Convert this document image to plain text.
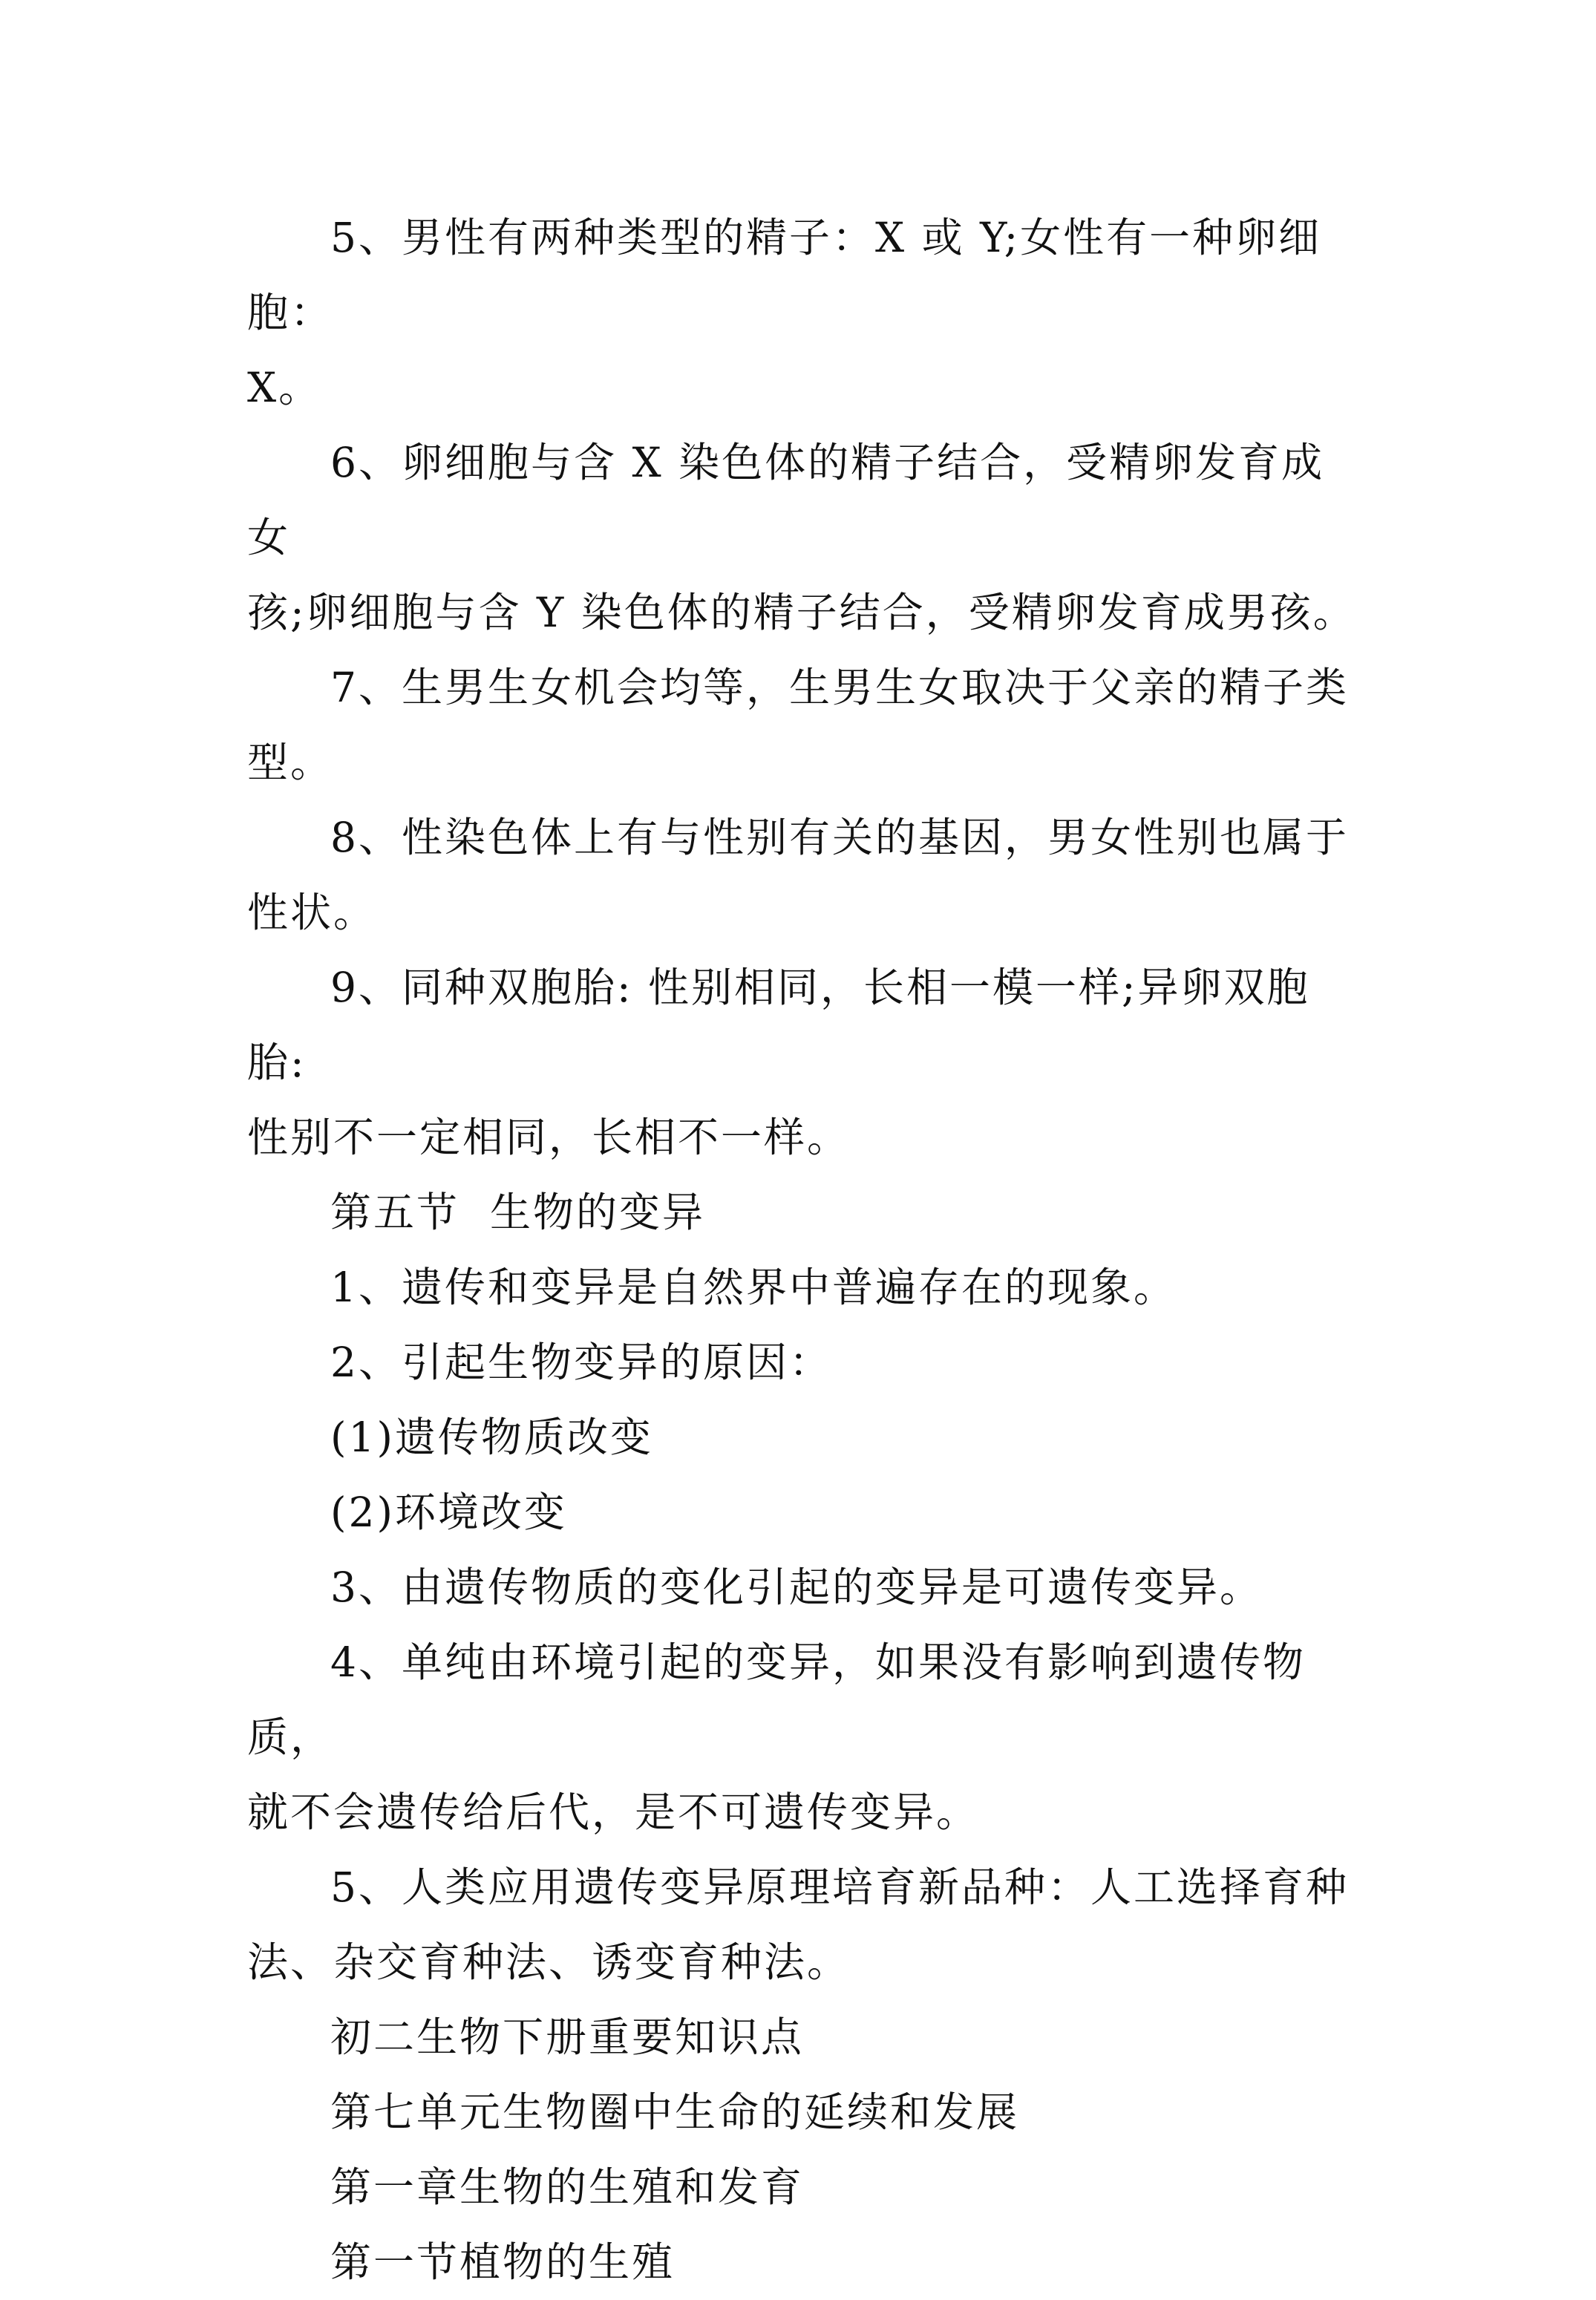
5、男性有两种类型的精子：X 或 Y;女性有一种卵细胞：
X。

6、卵细胞与含 X 染色体的精子结合，受精卵发育成女
孩;卵细胞与含 Y 染色体的精子结合，受精卵发育成男孩。

7、生男生女机会均等，生男生女取决于父亲的精子类
型。

8、性染色体上有与性别有关的基因，男女性别也属于
性状。

9、同种双胞胎: 性别相同，长相一模一样;异卵双胞胎:
性别不一定相同，长相不一样。

第五节  生物的变异

1、遗传和变异是自然界中普遍存在的现象。

2、引起生物变异的原因：

(1)遗传物质改变

(2)环境改变

3、由遗传物质的变化引起的变异是可遗传变异。

4、单纯由环境引起的变异，如果没有影响到遗传物质，
就不会遗传给后代，是不可遗传变异。

5、人类应用遗传变异原理培育新品种：人工选择育种
法、杂交育种法、诱变育种法。

初二生物下册重要知识点

第七单元生物圈中生命的延续和发展

第一章生物的生殖和发育

第一节植物的生殖
